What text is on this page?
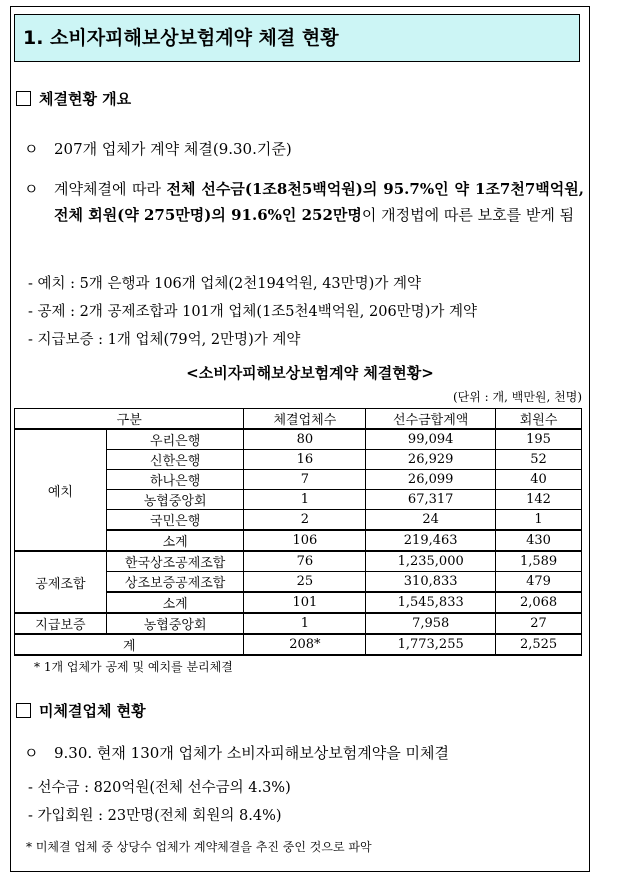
1. 소비자피해보상보험계약 체결 현황
체결현황 개요
ㅇ 207개 업체가 계약 체결(9.30.기준)
ㅇ	계약체결에 따라 전체 선수금(1조8천5백억원)의 95.7%인 약 1조7천7백억원, 전체 회원(약 275만명)의 91.6%인 252만명이 개정법에 따른 보호를 받게 됨
- 예치 : 5개 은행과 106개 업체(2천194억원, 43만명)가 계약
- 공제 : 2개 공제조합과 101개 업체(1조5천4백억원, 206만명)가 계약
- 지급보증 : 1개 업체(79억, 2만명)가 계약
<소비자피해보상보험계약 체결현황>
(단위 : 개, 백만원, 천명)
구분		체결업체수	선수금합계액	회원수
예치	우리은행	80	99,094	195
	신한은행	16	26,929	52
	하나은행	7	26,099	40
	농협중앙회	1	67,317	142
	국민은행	2	24	1
	소계	106	219,463	430
공제조합	한국상조공제조합	76	1,235,000	1,589
	상조보증공제조합	25	310,833	479
	소계	101	1,545,833	2,068
지급보증	농협중앙회	1	7,958	27
계		208*	1,773,255	2,525
* 1개 업체가 공제 및 예치를 분리체결
미체결업체 현황
ㅇ 9.30. 현재 130개 업체가 소비자피해보상보험계약을 미체결
- 선수금 : 820억원(전체 선수금의 4.3%)
- 가입회원 : 23만명(전체 회원의 8.4%)
* 미체결 업체 중 상당수 업체가 계약체결을 추진 중인 것으로 파악
